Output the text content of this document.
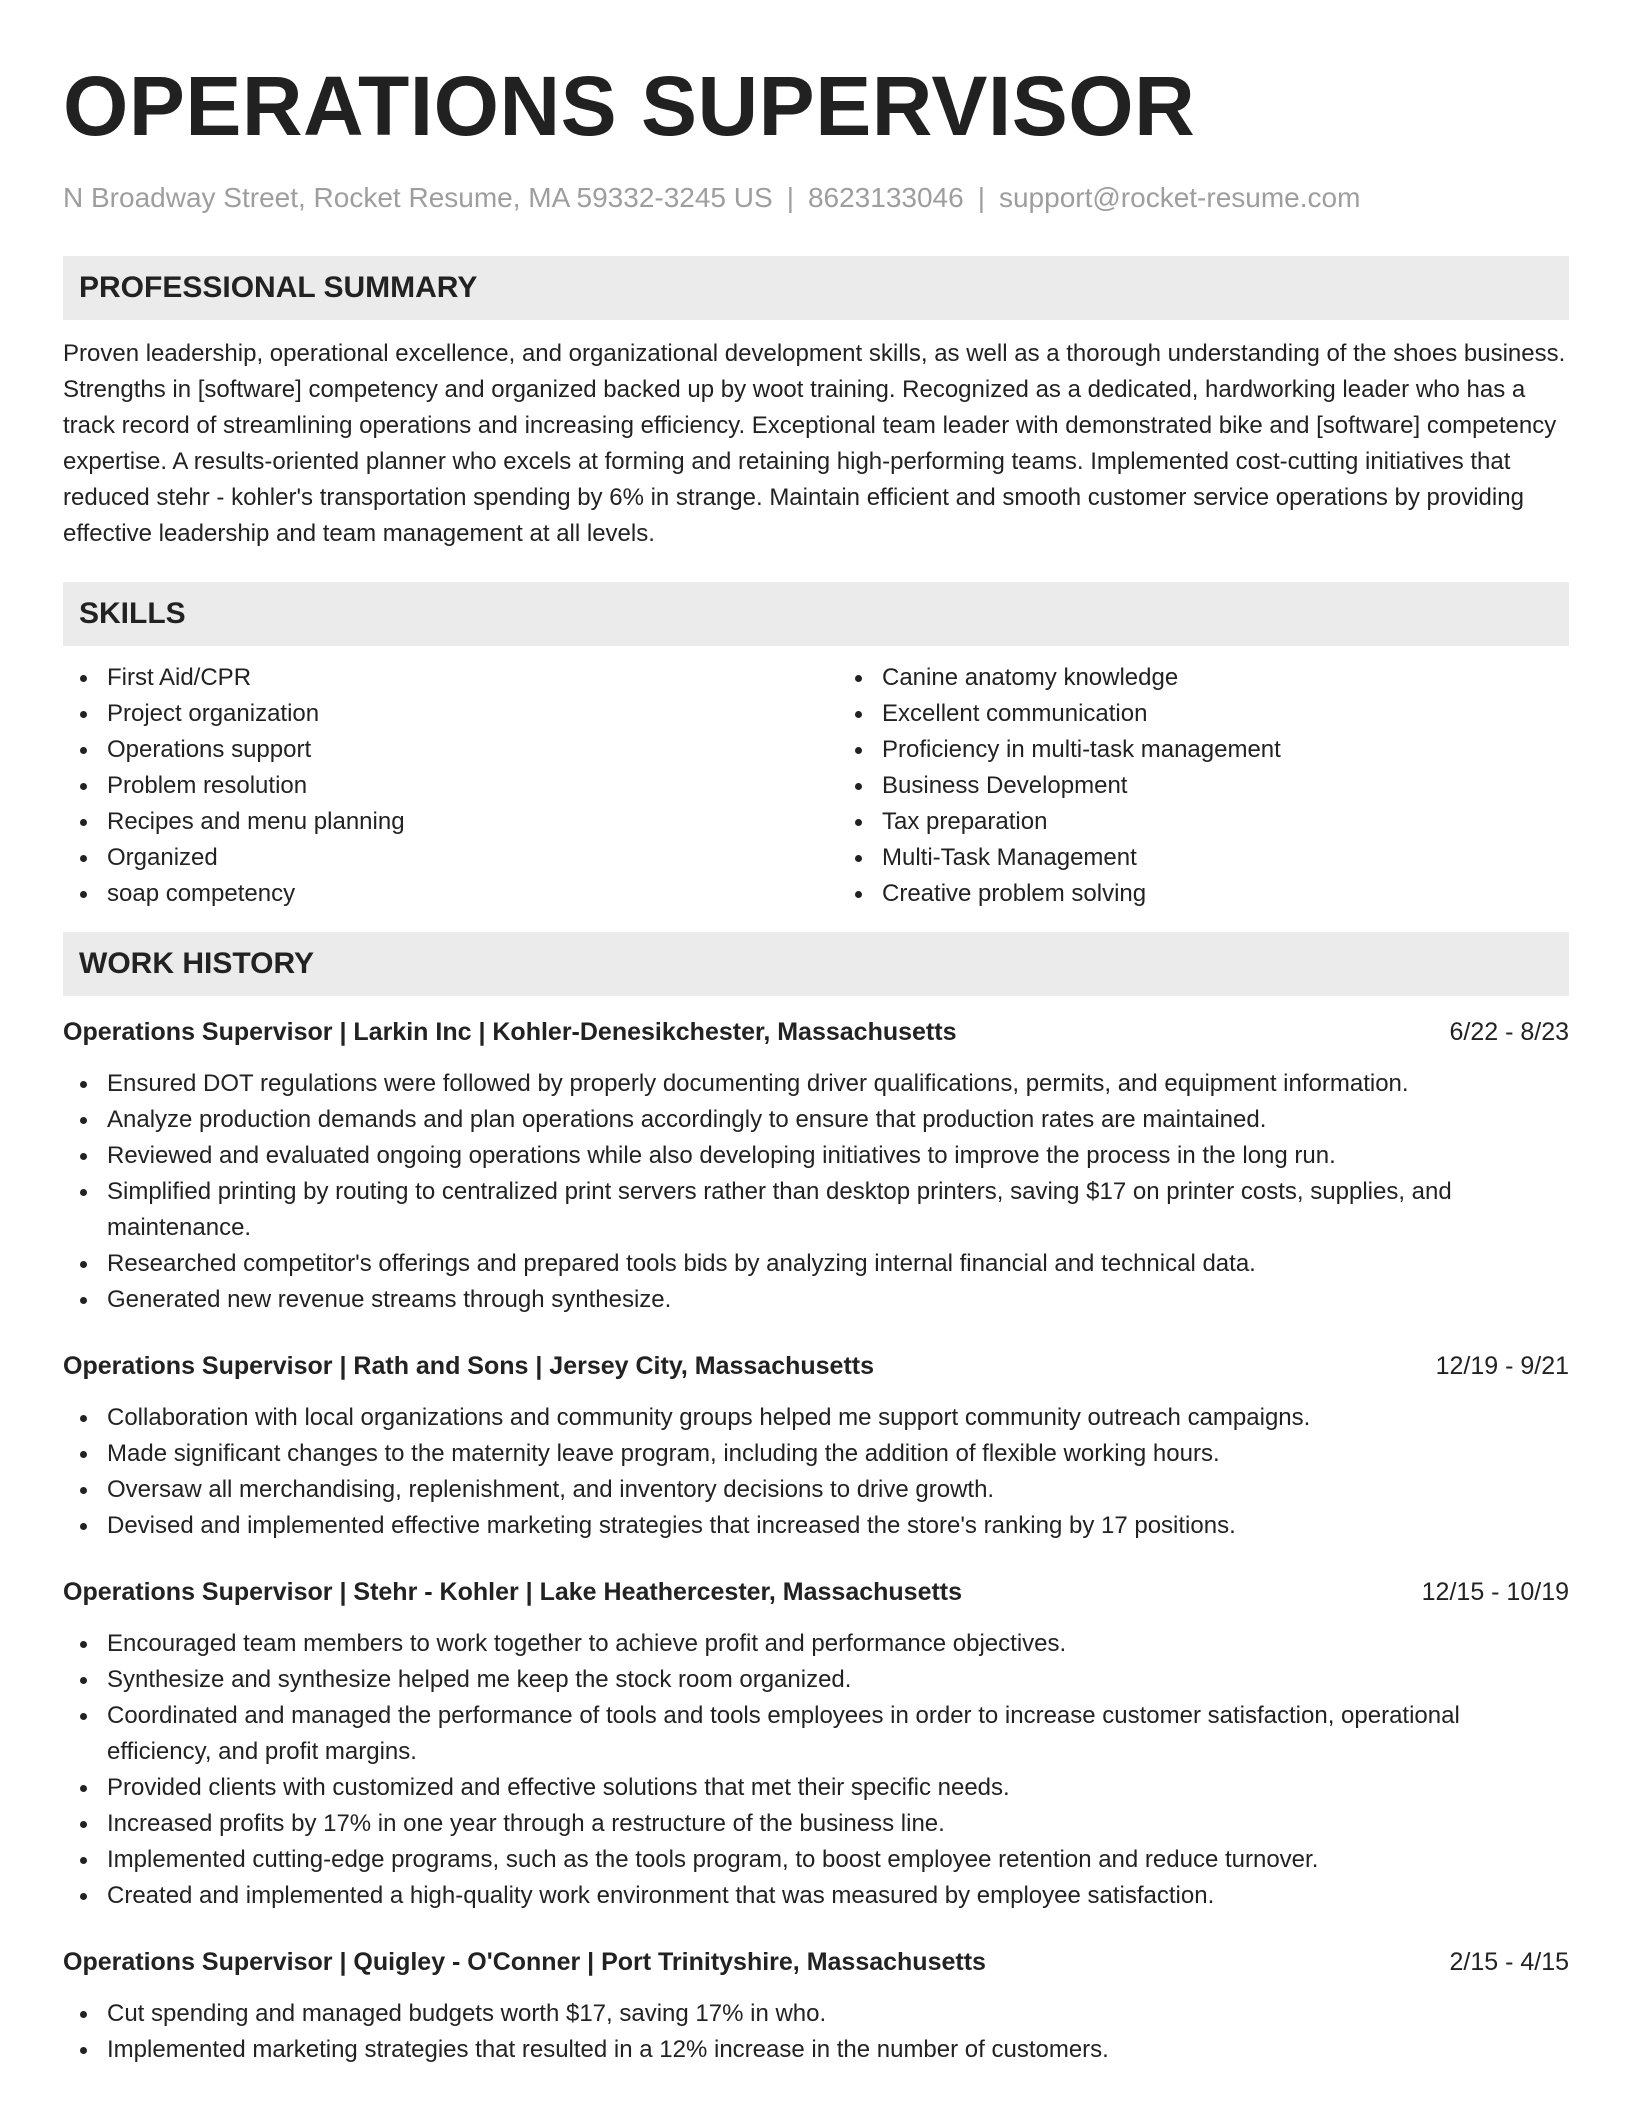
OPERATIONS SUPERVISOR
N Broadway Street, Rocket Resume, MA 59332-3245 US | 8623133046 | support@rocket-resume.com
PROFESSIONAL SUMMARY

Proven leadership, operational excellence, and organizational development skills, as well as a thorough understanding of the shoes business. Strengths in [software] competency and organized backed up by woot training. Recognized as a dedicated, hardworking leader who has a track record of streamlining operations and increasing efficiency. Exceptional team leader with demonstrated bike and [software] competency expertise. A results-oriented planner who excels at forming and retaining high-performing teams. Implemented cost-cutting initiatives that reduced stehr - kohler's transportation spending by 6% in strange. Maintain efficient and smooth customer service operations by providing effective leadership and team management at all levels.

SKILLS
First Aid/CPR
Project organization
Operations support
Problem resolution
Recipes and menu planning
Organized
soap competency
Canine anatomy knowledge
Excellent communication
Proficiency in multi-task management
Business Development
Tax preparation
Multi-Task Management
Creative problem solving
WORK HISTORY
Operations Supervisor | Larkin Inc | Kohler-Denesikchester, Massachusetts	6/22 - 8/23
Ensured DOT regulations were followed by properly documenting driver qualifications, permits, and equipment information.
Analyze production demands and plan operations accordingly to ensure that production rates are maintained.
Reviewed and evaluated ongoing operations while also developing initiatives to improve the process in the long run.
Simplified printing by routing to centralized print servers rather than desktop printers, saving $17 on printer costs, supplies, and maintenance.
Researched competitor's offerings and prepared tools bids by analyzing internal financial and technical data.
Generated new revenue streams through synthesize.
Operations Supervisor | Rath and Sons | Jersey City, Massachusetts	12/19 - 9/21
Collaboration with local organizations and community groups helped me support community outreach campaigns.
Made significant changes to the maternity leave program, including the addition of flexible working hours.
Oversaw all merchandising, replenishment, and inventory decisions to drive growth.
Devised and implemented effective marketing strategies that increased the store's ranking by 17 positions.
Operations Supervisor | Stehr - Kohler | Lake Heathercester, Massachusetts	12/15 - 10/19
Encouraged team members to work together to achieve profit and performance objectives.
Synthesize and synthesize helped me keep the stock room organized.
Coordinated and managed the performance of tools and tools employees in order to increase customer satisfaction, operational efficiency, and profit margins.
Provided clients with customized and effective solutions that met their specific needs.
Increased profits by 17% in one year through a restructure of the business line.
Implemented cutting-edge programs, such as the tools program, to boost employee retention and reduce turnover.
Created and implemented a high-quality work environment that was measured by employee satisfaction.
Operations Supervisor | Quigley - O'Conner | Port Trinityshire, Massachusetts	2/15 - 4/15
Cut spending and managed budgets worth $17, saving 17% in who.
Implemented marketing strategies that resulted in a 12% increase in the number of customers.
